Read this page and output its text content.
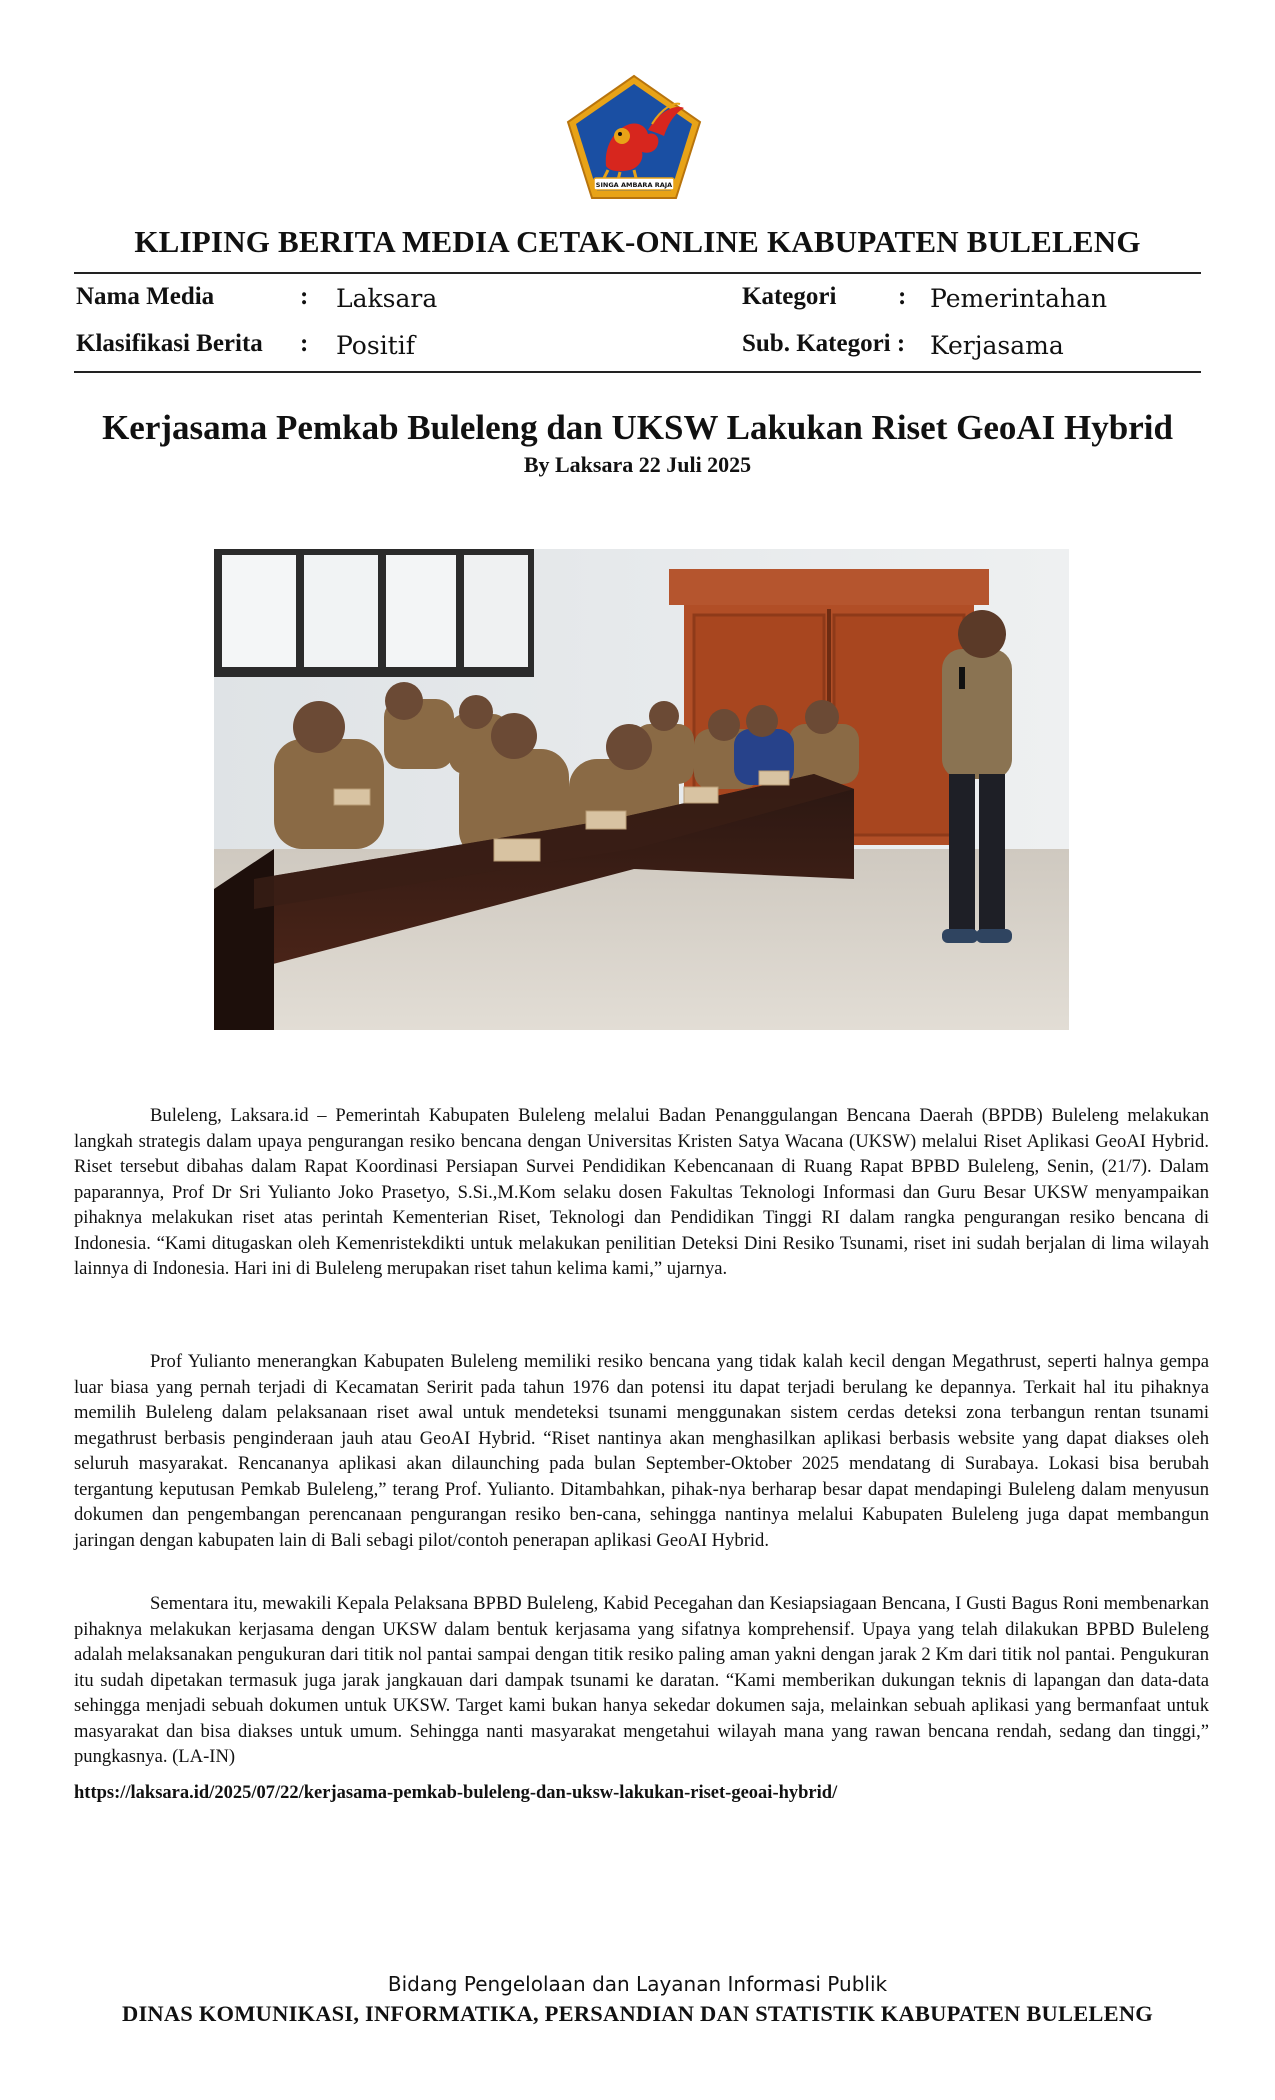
SINGA AMBARA RAJA
KLIPING BERITA MEDIA CETAK-ONLINE KABUPATEN BULELENG
Nama Media	: Laksara	Kategori : Pemerintahan
Klasifikasi Berita : Positif	Sub. Kategori : Kerjasama
Kerjasama Pemkab Buleleng dan UKSW Lakukan Riset GeoAI Hybrid
By Laksara 22 Juli 2025

Buleleng, Laksara.id – Pemerintah Kabupaten Buleleng melalui Badan Penanggulangan Bencana Daerah (BPDB) Buleleng melakukan langkah strategis dalam upaya pengurangan resiko bencana dengan Universitas Kristen Satya Wacana (UKSW) melalui Riset Aplikasi GeoAI Hybrid. Riset tersebut dibahas dalam Rapat Koordinasi Persiapan Survei Pendidikan Kebencanaan di Ruang Rapat BPBD Buleleng, Senin, (21/7). Dalam paparannya, Prof Dr Sri Yulianto Joko Prasetyo, S.Si.,M.Kom selaku dosen Fakultas Teknologi Informasi dan Guru Besar UKSW menyampaikan pihaknya melakukan riset atas perintah Kementerian Riset, Teknologi dan Pendidikan Tinggi RI dalam rangka pengurangan resiko bencana di Indonesia. “Kami ditugaskan oleh Kemenristekdikti untuk melakukan penilitian Deteksi Dini Resiko Tsunami, riset ini sudah berjalan di lima wilayah lainnya di Indonesia. Hari ini di Buleleng merupakan riset tahun kelima kami,” ujarnya.

Prof Yulianto menerangkan Kabupaten Buleleng memiliki resiko bencana yang tidak kalah kecil dengan Megathrust, seperti halnya gempa luar biasa yang pernah terjadi di Kecamatan Seririt pada tahun 1976 dan potensi itu dapat terjadi berulang ke depannya. Terkait hal itu pihaknya memilih Buleleng dalam pelaksanaan riset awal untuk mendeteksi tsunami menggunakan sistem cerdas deteksi zona terbangun rentan tsunami megathrust berbasis penginderaan jauh atau GeoAI Hybrid. “Riset nantinya akan menghasilkan aplikasi berbasis website yang dapat diakses oleh seluruh masyarakat. Rencananya aplikasi akan dilaunching pada bulan September-Oktober 2025 mendatang di Surabaya. Lokasi bisa berubah tergantung keputusan Pemkab Buleleng,” terang Prof. Yulianto. Ditambahkan, pihak-nya berharap besar dapat mendapingi Buleleng dalam menyusun dokumen dan pengembangan perencanaan pengurangan resiko ben-cana, sehingga nantinya melalui Kabupaten Buleleng juga dapat membangun jaringan dengan kabupaten lain di Bali sebagi pilot/contoh penerapan aplikasi GeoAI Hybrid.

Sementara itu, mewakili Kepala Pelaksana BPBD Buleleng, Kabid Pecegahan dan Kesiapsiagaan Bencana, I Gusti Bagus Roni membenarkan pihaknya melakukan kerjasama dengan UKSW dalam bentuk kerjasama yang sifatnya komprehensif. Upaya yang telah dilakukan BPBD Buleleng adalah melaksanakan pengukuran dari titik nol pantai sampai dengan titik resiko paling aman yakni dengan jarak 2 Km dari titik nol pantai. Pengukuran itu sudah dipetakan termasuk juga jarak jangkauan dari dampak tsunami ke daratan. “Kami memberikan dukungan teknis di lapangan dan data-data sehingga menjadi sebuah dokumen untuk UKSW. Target kami bukan hanya sekedar dokumen saja, melainkan sebuah aplikasi yang bermanfaat untuk masyarakat dan bisa diakses untuk umum. Sehingga nanti masyarakat mengetahui wilayah mana yang rawan bencana rendah, sedang dan tinggi,” pungkasnya. (LA-IN)

https://laksara.id/2025/07/22/kerjasama-pemkab-buleleng-dan-uksw-lakukan-riset-geoai-hybrid/
Bidang Pengelolaan dan Layanan Informasi Publik
DINAS KOMUNIKASI, INFORMATIKA, PERSANDIAN DAN STATISTIK KABUPATEN BULELENG
